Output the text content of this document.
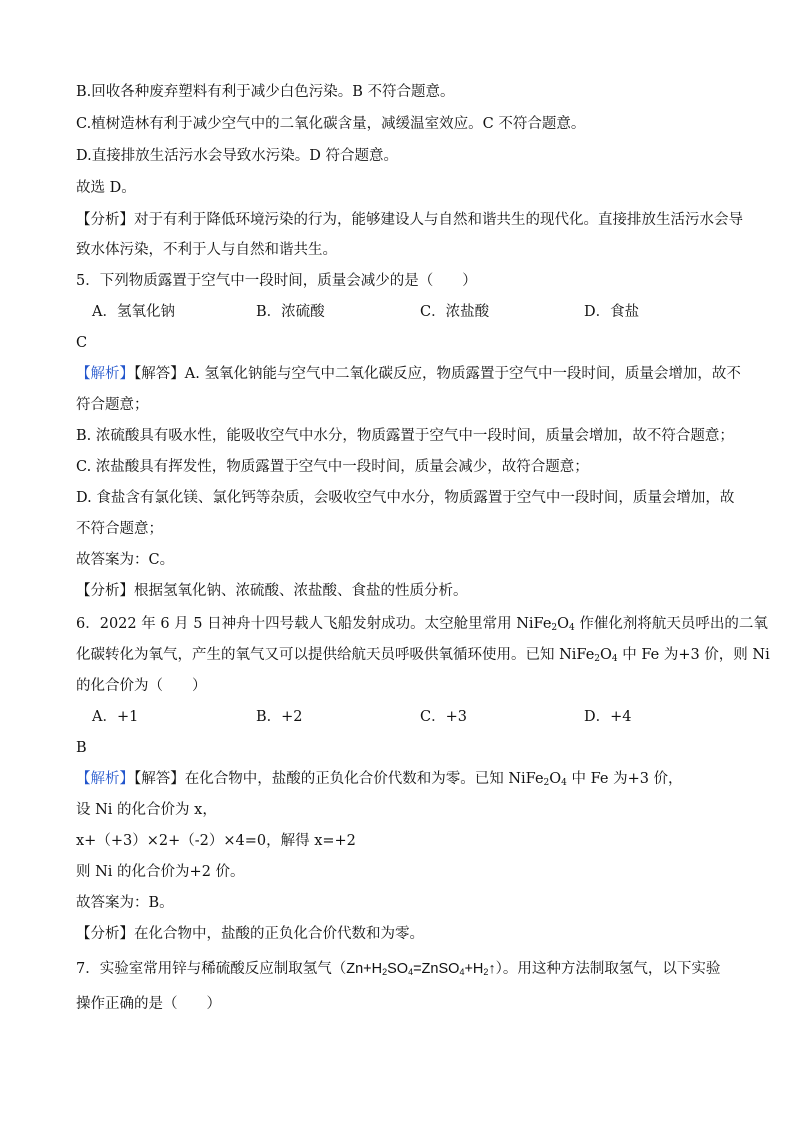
B.回收各种废弃塑料有利于减少白色污染。B 不符合题意。
C.植树造林有利于减少空气中的二氧化碳含量，减缓温室效应。C 不符合题意。
D.直接排放生活污水会导致水污染。D 符合题意。
故选 D。
【分析】对于有利于降低环境污染的行为，能够建设人与自然和谐共生的现代化。直接排放生活污水会导
致水体污染，不利于人与自然和谐共生。
5．下列物质露置于空气中一段时间，质量会减少的是（　　）
A．氢氧化钠	B．浓硫酸	C．浓盐酸	D．食盐
C
【解析】【解答】A. 氢氧化钠能与空气中二氧化碳反应，物质露置于空气中一段时间，质量会增加，故不
符合题意；
B. 浓硫酸具有吸水性，能吸收空气中水分，物质露置于空气中一段时间，质量会增加，故不符合题意；
C. 浓盐酸具有挥发性，物质露置于空气中一段时间，质量会减少，故符合题意；
D. 食盐含有氯化镁、氯化钙等杂质，会吸收空气中水分，物质露置于空气中一段时间，质量会增加，故
不符合题意；
故答案为：C。
【分析】根据氢氧化钠、浓硫酸、浓盐酸、食盐的性质分析。
6．2022 年 6 月 5 日神舟十四号载人飞船发射成功。太空舱里常用 $NiFe_2O_4$ 作催化剂将航天员呼出的二氧
化碳转化为氧气，产生的氧气又可以提供给航天员呼吸供氧循环使用。已知 $NiFe_2O_4$ 中 Fe 为+3 价，则 Ni
的化合价为（　　）
A．+1	B．+2	C．+3	D．+4
B
【解析】【解答】在化合物中，盐酸的正负化合价代数和为零。已知 $NiFe_2O_4$ 中 Fe 为+3 价，
设 Ni 的化合价为 x，
x+（+3）×2+（-2）×4=0，解得 x=+2
则 Ni 的化合价为+2 价。
故答案为：B。
【分析】在化合物中，盐酸的正负化合价代数和为零。
7．实验室常用锌与稀硫酸反应制取氢气$(Zn+H_2SO_4=ZnSO_4+H_2↑)$。用这种方法制取氢气，以下实验
操作正确的是（　　）
